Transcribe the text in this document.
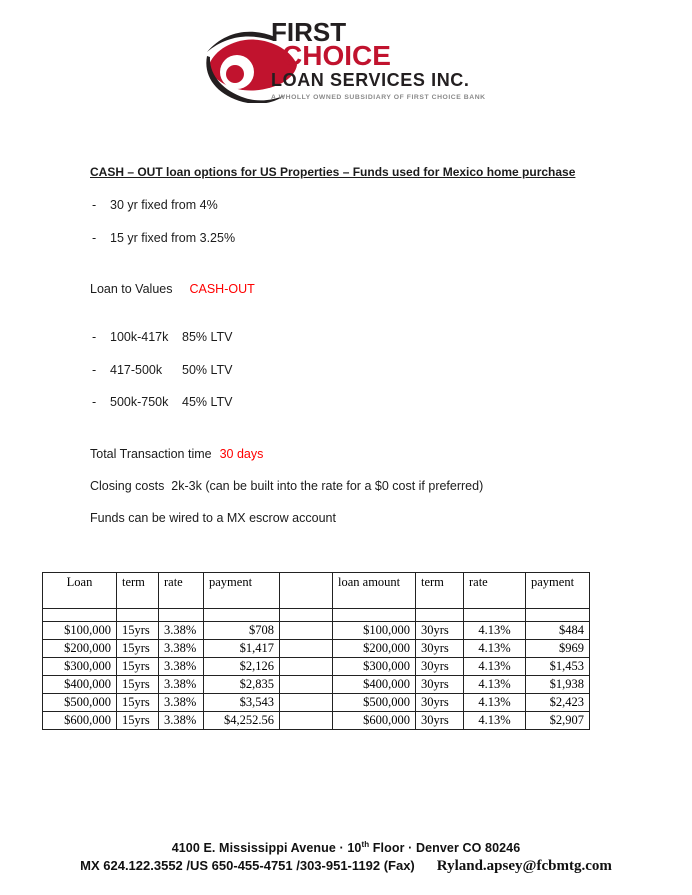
FIRST
CHOICE
LOAN SERVICES INC.
A WHOLLY OWNED SUBSIDIARY OF FIRST CHOICE BANK
CASH – OUT loan options for US Properties – Funds used for Mexico home purchase
-	30 yr fixed from 4%
-	15 yr fixed from 3.25%
Loan to Values CASH-OUT
-	100k-417k	85% LTV
-	417-500k	50% LTV
-	500k-750k	45% LTV
Total Transaction time 30 days
Closing costs  2k-3k (can be built into the rate for a $0 cost if preferred)
Funds can be wired to a MX escrow account
Loan	term	rate	payment		loan amount	term	rate	payment

$100,000	15yrs	3.38%	$708		$100,000	30yrs	4.13%	$484
$200,000	15yrs	3.38%	$1,417		$200,000	30yrs	4.13%	$969
$300,000	15yrs	3.38%	$2,126		$300,000	30yrs	4.13%	$1,453
$400,000	15yrs	3.38%	$2,835		$400,000	30yrs	4.13%	$1,938
$500,000	15yrs	3.38%	$3,543		$500,000	30yrs	4.13%	$2,423
$600,000	15yrs	3.38%	$4,252.56		$600,000	30yrs	4.13%	$2,907
4100 E. Mississippi Avenue · 10th Floor · Denver CO 80246
MX 624.122.3552 /US 650-455-4751 /303-951-1192 (Fax) Ryland.apsey@fcbmtg.com
